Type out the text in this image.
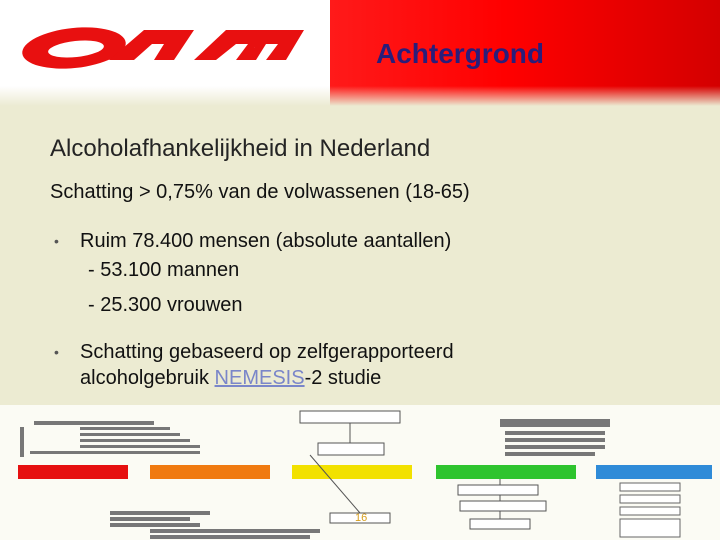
Achtergrond
Alcoholafhankelijkheid in Nederland
Schatting > 0,75% van de volwassenen (18-65)
• Ruim 78.400 mensen (absolute aantallen)
- 53.100 mannen
- 25.300 vrouwen
• Schatting gebaseerd op zelfgerapporteerd
alcoholgebruik NEMESIS-2 studie
16
